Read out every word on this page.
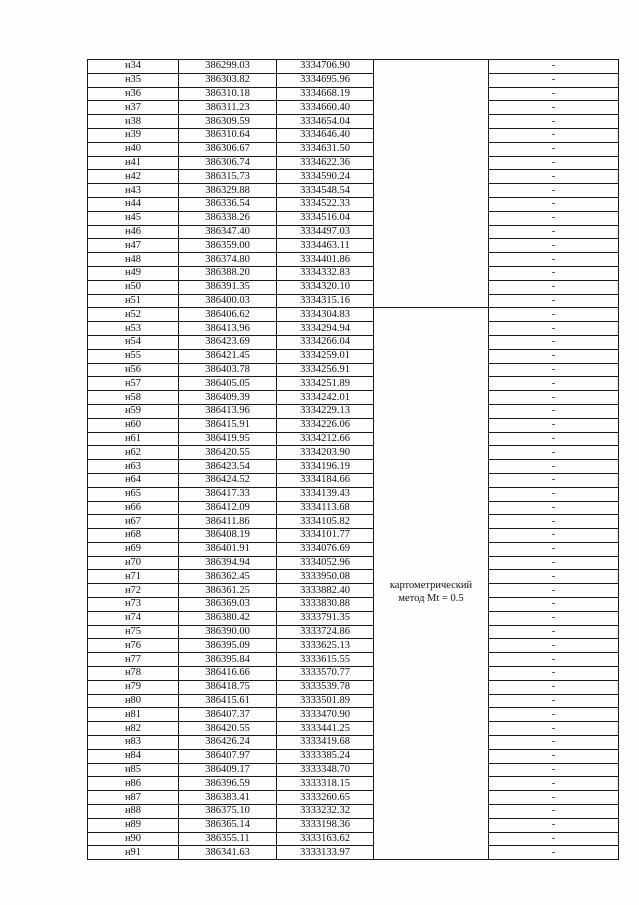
н34	386299.03	3334706.90		-
н35	386303.82	3334695.96		-
н36	386310.18	3334668.19		-
н37	386311.23	3334660.40		-
н38	386309.59	3334654.04		-
н39	386310.64	3334646.40		-
н40	386306.67	3334631.50		-
н41	386306.74	3334622.36		-
н42	386315.73	3334590.24		-
н43	386329.88	3334548.54		-
н44	386336.54	3334522.33		-
н45	386338.26	3334516.04		-
н46	386347.40	3334497.03		-
н47	386359.00	3334463.11		-
н48	386374.80	3334401.86		-
н49	386388.20	3334332.83		-
н50	386391.35	3334320.10		-
н51	386400.03	3334315.16		-
н52	386406.62	3334304.83	картометрический метод Mt = 0.5	-
н53	386413.96	3334294.94		-
н54	386423.69	3334266.04		-
н55	386421.45	3334259.01		-
н56	386403.78	3334256.91		-
н57	386405.05	3334251.89		-
н58	386409.39	3334242.01		-
н59	386413.96	3334229.13		-
н60	386415.91	3334226.06		-
н61	386419.95	3334212.66		-
н62	386420.55	3334203.90		-
н63	386423.54	3334196.19		-
н64	386424.52	3334184.66		-
н65	386417.33	3334139.43		-
н66	386412.09	3334113.68		-
н67	386411.86	3334105.82		-
н68	386408.19	3334101.77		-
н69	386401.91	3334076.69		-
н70	386394.94	3334052.96		-
н71	386362.45	3333950.08		-
н72	386361.25	3333882.40		-
н73	386369.03	3333830.88		-
н74	386380.42	3333791.35		-
н75	386390.00	3333724.86		-
н76	386395.09	3333625.13		-
н77	386395.84	3333615.55		-
н78	386416.66	3333570.77		-
н79	386418.75	3333539.78		-
н80	386415.61	3333501.89		-
н81	386407.37	3333470.90		-
н82	386420.55	3333441.25		-
н83	386426.24	3333419.68		-
н84	386407.97	3333385.24		-
н85	386409.17	3333348.70		-
н86	386396.59	3333318.15		-
н87	386383.41	3333260.65		-
н88	386375.10	3333232.32		-
н89	386365.14	3333198.36		-
н90	386355.11	3333163.62		-
н91	386341.63	3333133.97		-
